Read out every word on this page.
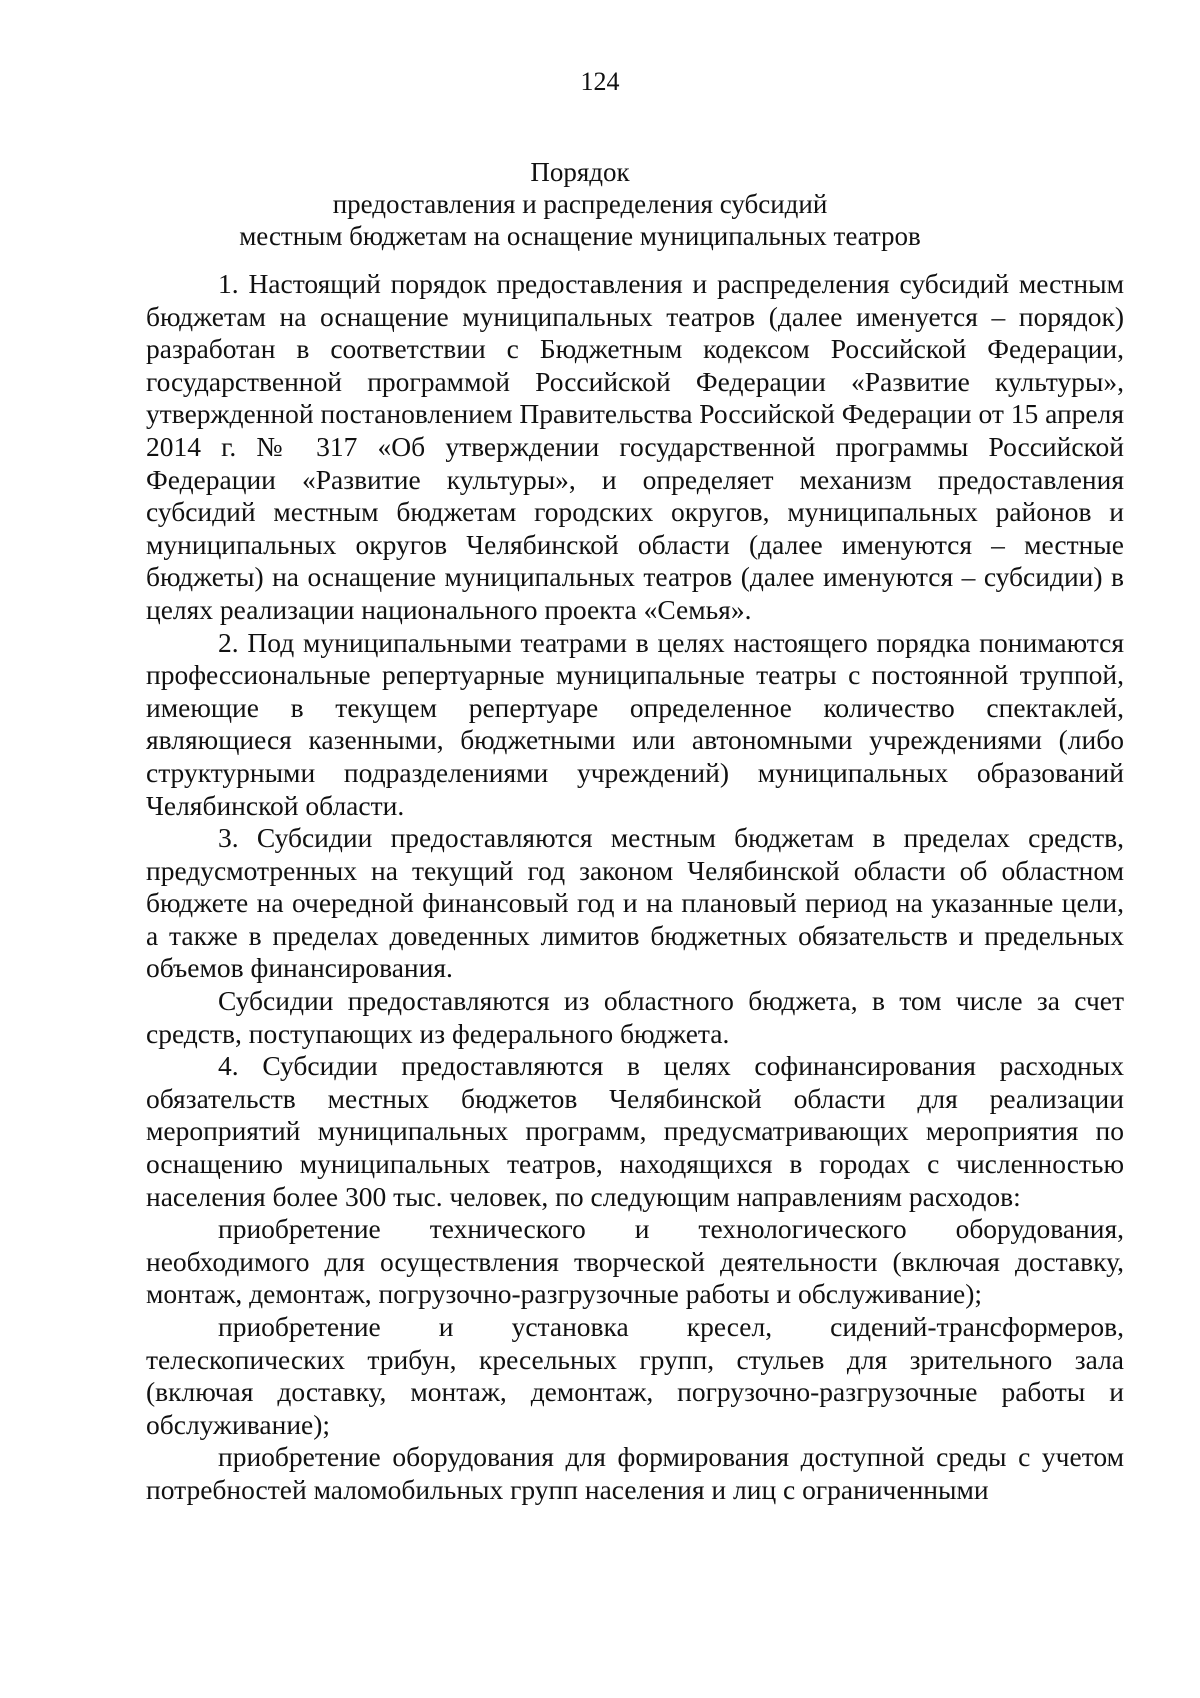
124
Порядок
предоставления и распределения субсидий
местным бюджетам на оснащение муниципальных театров

1. Настоящий порядок предоставления и распределения субсидий местным бюджетам на оснащение муниципальных театров (далее именуется – порядок) разработан в соответствии с Бюджетным кодексом Российской Федерации, государственной программой Российской Федерации «Развитие культуры», утвержденной постановлением Правительства Российской Федерации от 15 апреля 2014 г. № 317 «Об утверждении государственной программы Российской Федерации «Развитие культуры», и определяет механизм предоставления субсидий местным бюджетам городских округов, муниципальных районов и муниципальных округов Челябинской области (далее именуются – местные бюджеты) на оснащение муниципальных театров (далее именуются – субсидии) в целях реализации национального проекта «Семья».

2. Под муниципальными театрами в целях настоящего порядка понимаются профессиональные репертуарные муниципальные театры с постоянной труппой, имеющие в текущем репертуаре определенное количество спектаклей, являющиеся казенными, бюджетными или автономными учреждениями (либо структурными подразделениями учреждений) муниципальных образований Челябинской области.

3. Субсидии предоставляются местным бюджетам в пределах средств, предусмотренных на текущий год законом Челябинской области об областном бюджете на очередной финансовый год и на плановый период на указанные цели, а также в пределах доведенных лимитов бюджетных обязательств и предельных объемов финансирования.

Субсидии предоставляются из областного бюджета, в том числе за счет средств, поступающих из федерального бюджета.

4. Субсидии предоставляются в целях софинансирования расходных обязательств местных бюджетов Челябинской области для реализации мероприятий муниципальных программ, предусматривающих мероприятия по оснащению муниципальных театров, находящихся в городах с численностью населения более 300 тыс. человек, по следующим направлениям расходов:

приобретение технического и технологического оборудования, необходимого для осуществления творческой деятельности (включая доставку, монтаж, демонтаж, погрузочно-разгрузочные работы и обслуживание);

приобретение и установка кресел, сидений-трансформеров, телескопических трибун, кресельных групп, стульев для зрительного зала (включая доставку, монтаж, демонтаж, погрузочно-разгрузочные работы и обслуживание);

приобретение оборудования для формирования доступной среды с учетом потребностей маломобильных групп населения и лиц с ограниченными
